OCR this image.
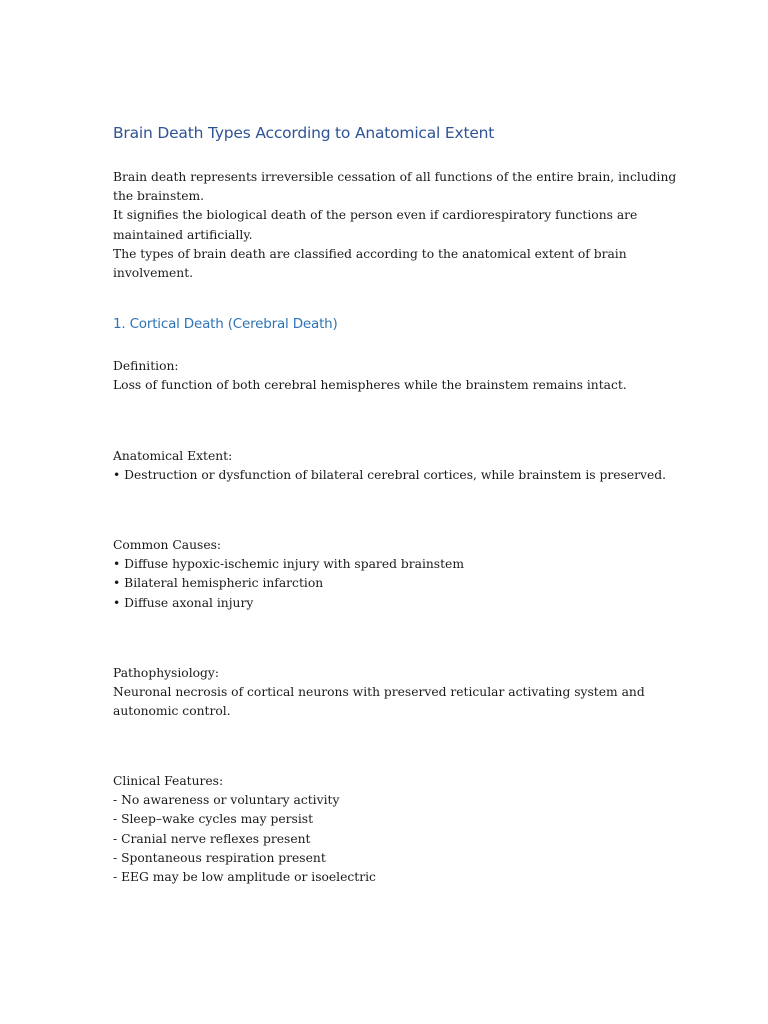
Brain Death Types According to Anatomical Extent
Brain death represents irreversible cessation of all functions of the entire brain, including
the brainstem.
It signifies the biological death of the person even if cardiorespiratory functions are
maintained artificially.
The types of brain death are classified according to the anatomical extent of brain
involvement.
1. Cortical Death (Cerebral Death)
Definition:
Loss of function of both cerebral hemispheres while the brainstem remains intact.
Anatomical Extent:
• Destruction or dysfunction of bilateral cerebral cortices, while brainstem is preserved.
Common Causes:
• Diffuse hypoxic-ischemic injury with spared brainstem
• Bilateral hemispheric infarction
• Diffuse axonal injury
Pathophysiology:
Neuronal necrosis of cortical neurons with preserved reticular activating system and
autonomic control.
Clinical Features:
- No awareness or voluntary activity
- Sleep–wake cycles may persist
- Cranial nerve reflexes present
- Spontaneous respiration present
- EEG may be low amplitude or isoelectric
